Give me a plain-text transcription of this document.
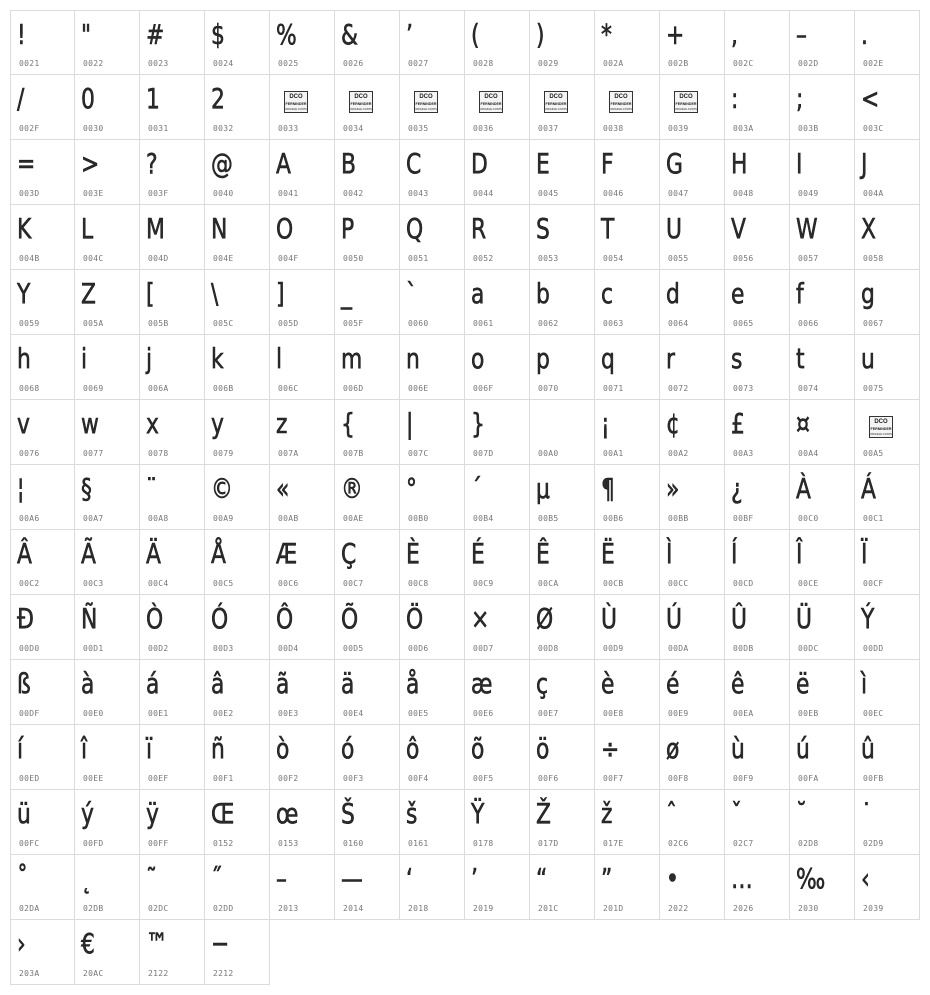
!
0021
"
0022
#
0023
$
0024
%
0025
&
0026
’
0027
(
0028
)
0029
*
002A
+
002B
,
002C
–
002D
.
002E
/
002F
0
0030
1
0031
2
0032
DCO
FERNINDER
ORIGINAL FONTS
0033
DCO
FERNINDER
ORIGINAL FONTS
0034
DCO
FERNINDER
ORIGINAL FONTS
0035
DCO
FERNINDER
ORIGINAL FONTS
0036
DCO
FERNINDER
ORIGINAL FONTS
0037
DCO
FERNINDER
ORIGINAL FONTS
0038
DCO
FERNINDER
ORIGINAL FONTS
0039
:
003A
;
003B
<
003C
=
003D
>
003E
?
003F
@
0040
A
0041
B
0042
C
0043
D
0044
E
0045
F
0046
G
0047
H
0048
I
0049
J
004A
K
004B
L
004C
M
004D
N
004E
O
004F
P
0050
Q
0051
R
0052
S
0053
T
0054
U
0055
V
0056
W
0057
X
0058
Y
0059
Z
005A
[
005B
\
005C
]
005D
_
005F
`
0060
a
0061
b
0062
c
0063
d
0064
e
0065
f
0066
g
0067
h
0068
i
0069
j
006A
k
006B
l
006C
m
006D
n
006E
o
006F
p
0070
q
0071
r
0072
s
0073
t
0074
u
0075
v
0076
w
0077
x
0078
y
0079
z
007A
{
007B
|
007C
}
007D	00A0
¡
00A1
¢
00A2
£
00A3
¤
00A4
DCO
FERNINDER
ORIGINAL FONTS
00A5
¦
00A6
§
00A7
¨
00A8
©
00A9
«
00AB
®
00AE
°
00B0
´
00B4
µ
00B5
¶
00B6
»
00BB
¿
00BF
À
00C0
Á
00C1
Â
00C2
Ã
00C3
Ä
00C4
Å
00C5
Æ
00C6
Ç
00C7
È
00C8
É
00C9
Ê
00CA
Ë
00CB
Ì
00CC
Í
00CD
Î
00CE
Ï
00CF
Ð
00D0
Ñ
00D1
Ò
00D2
Ó
00D3
Ô
00D4
Õ
00D5
Ö
00D6
×
00D7
Ø
00D8
Ù
00D9
Ú
00DA
Û
00DB
Ü
00DC
Ý
00DD
ß
00DF
à
00E0
á
00E1
â
00E2
ã
00E3
ä
00E4
å
00E5
æ
00E6
ç
00E7
è
00E8
é
00E9
ê
00EA
ë
00EB
ì
00EC
í
00ED
î
00EE
ï
00EF
ñ
00F1
ò
00F2
ó
00F3
ô
00F4
õ
00F5
ö
00F6
÷
00F7
ø
00F8
ù
00F9
ú
00FA
û
00FB
ü
00FC
ý
00FD
ÿ
00FF
Œ
0152
œ
0153
Š
0160
š
0161
Ÿ
0178
Ž
017D
ž
017E
ˆ
02C6
ˇ
02C7
˘
02D8
˙
02D9
˚
02DA
˛
02DB
˜
02DC
˝
02DD
–
2013
—
2014
‘
2018
’
2019
“
201C
”
201D
•
2022
…
2026
‰
2030
‹
2039
›
203A
€
20AC
™
2122
−
2212
